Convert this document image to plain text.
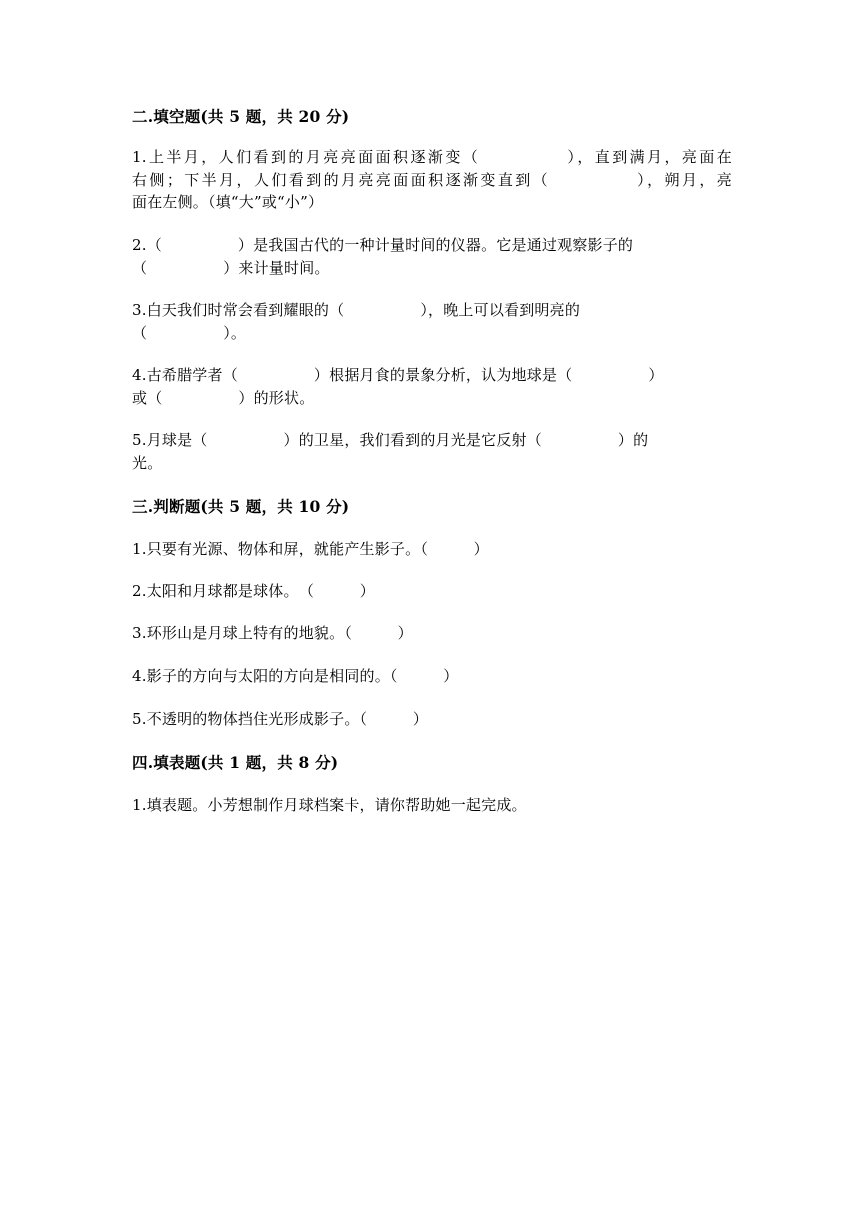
二.填空题(共 5 题，共 20 分)
1.上半月，人们看到的月亮亮面面积逐渐变（　　　　　），直到满月，亮面在
右侧；下半月，人们看到的月亮亮面面积逐渐变直到（　　　　　），朔月，亮
面在左侧。（填“大”或“小”）
2.（　　　　　）是我国古代的一种计量时间的仪器。它是通过观察影子的
（　　　　　）来计量时间。
3.白天我们时常会看到耀眼的（　　　　　），晚上可以看到明亮的
（　　　　　）。
4.古希腊学者（　　　　　）根据月食的景象分析，认为地球是（　　　　　）
或（　　　　　）的形状。
5.月球是（　　　　　）的卫星，我们看到的月光是它反射（　　　　　）的
光。
三.判断题(共 5 题，共 10 分)
1.只要有光源、物体和屏，就能产生影子。（　　　）
2.太阳和月球都是球体。　（　　　）
3.环形山是月球上特有的地貌。（　　　）
4.影子的方向与太阳的方向是相同的。（　　　）
5.不透明的物体挡住光形成影子。（　　　）
四.填表题(共 1 题，共 8 分)
1.填表题。小芳想制作月球档案卡，请你帮助她一起完成。
